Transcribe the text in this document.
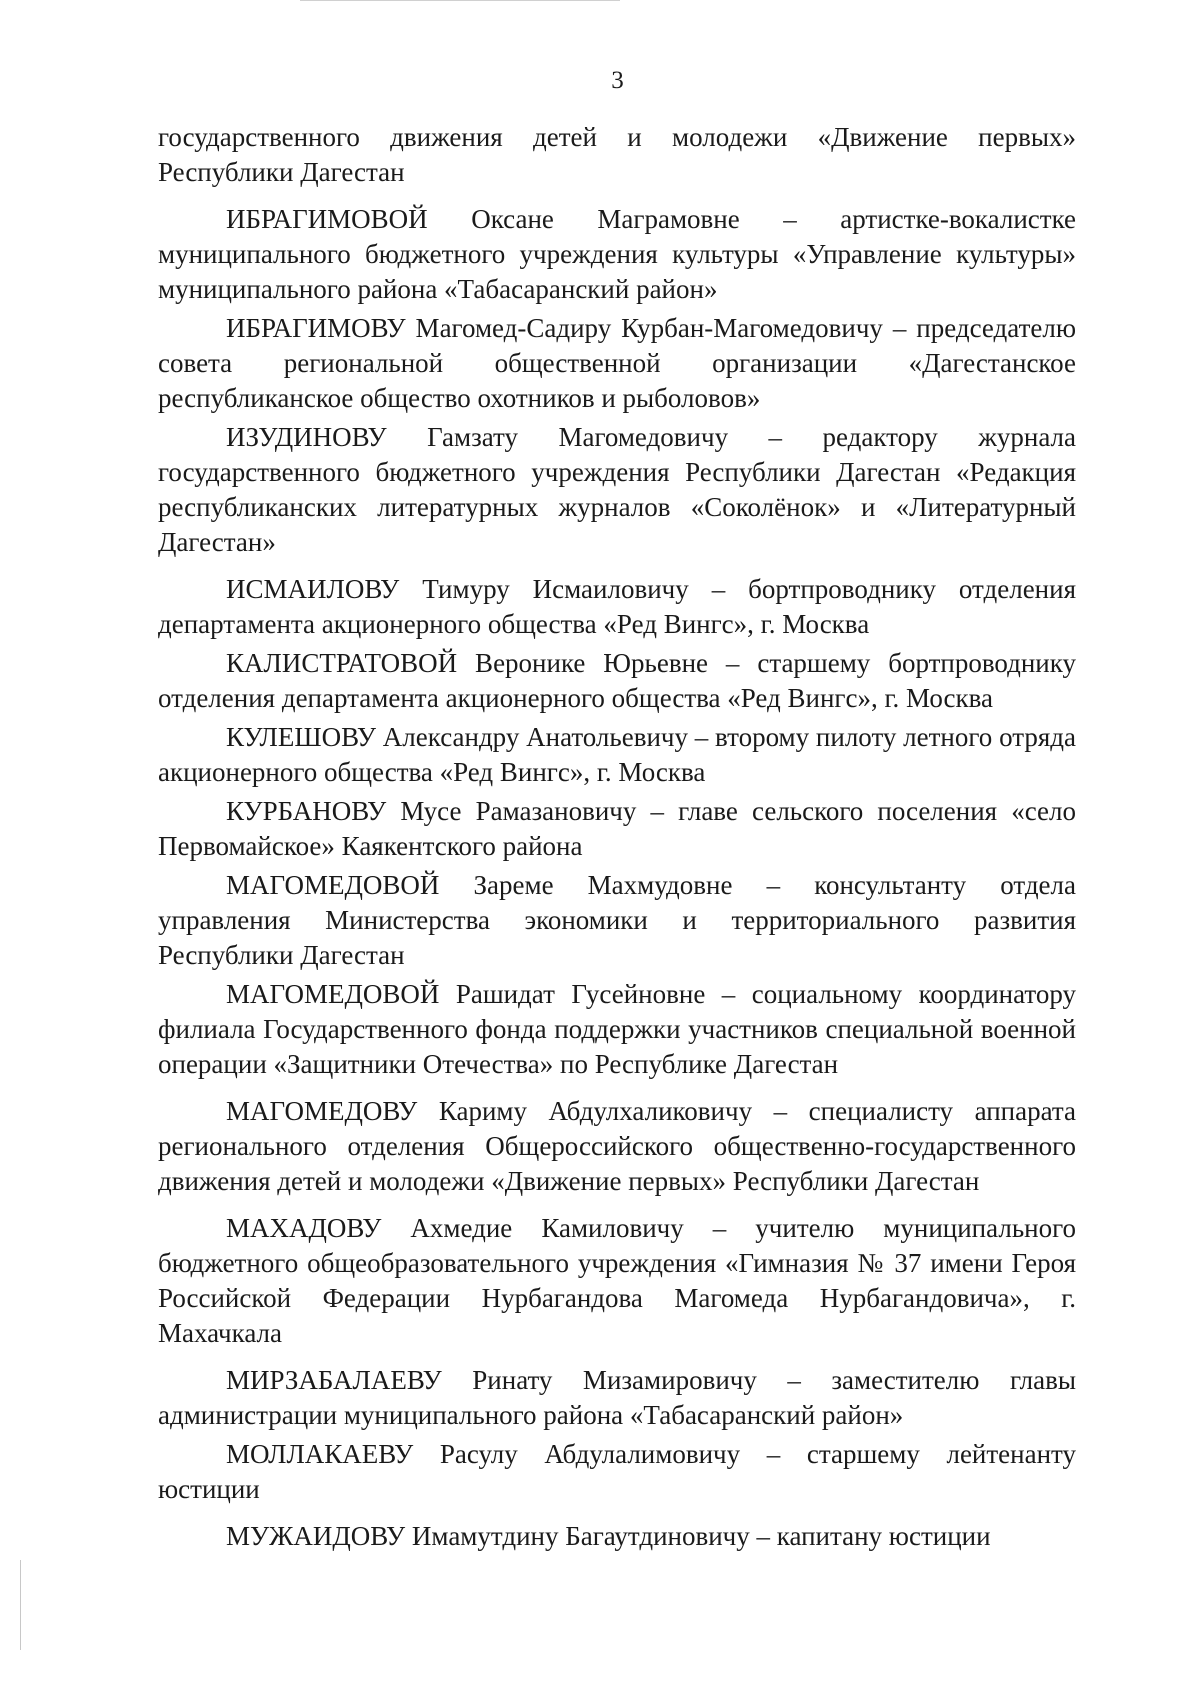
3

государственного движения детей и молодежи «Движение первых» Республики Дагестан

ИБРАГИМОВОЙ Оксане Маграмовне – артистке-вокалистке муниципального бюджетного учреждения культуры «Управление культуры» муниципального района «Табасаранский район»

ИБРАГИМОВУ Магомед-Садиру Курбан-Магомедовичу – председателю совета региональной общественной организации «Дагестанское республиканское общество охотников и рыболовов»

ИЗУДИНОВУ Гамзату Магомедовичу – редактору журнала государственного бюджетного учреждения Республики Дагестан «Редакция республиканских литературных журналов «Соколёнок» и «Литературный Дагестан»

ИСМАИЛОВУ Тимуру Исмаиловичу – бортпроводнику отделения департамента акционерного общества «Ред Вингс», г. Москва

КАЛИСТРАТОВОЙ Веронике Юрьевне – старшему бортпроводнику отделения департамента акционерного общества «Ред Вингс», г. Москва

КУЛЕШОВУ Александру Анатольевичу – второму пилоту летного отряда акционерного общества «Ред Вингс», г. Москва

КУРБАНОВУ Мусе Рамазановичу – главе сельского поселения «село Первомайское» Каякентского района

МАГОМЕДОВОЙ Зареме Махмудовне – консультанту отдела управления Министерства экономики и территориального развития Республики Дагестан

МАГОМЕДОВОЙ Рашидат Гусейновне – социальному координатору филиала Государственного фонда поддержки участников специальной военной операции «Защитники Отечества» по Республике Дагестан

МАГОМЕДОВУ Кариму Абдулхаликовичу – специалисту аппарата регионального отделения Общероссийского общественно-государственного движения детей и молодежи «Движение первых» Республики Дагестан

МАХАДОВУ Ахмедие Камиловичу – учителю муниципального бюджетного общеобразовательного учреждения «Гимназия № 37 имени Героя Российской Федерации Нурбагандова Магомеда Нурбагандовича», г. Махачкала

МИРЗАБАЛАЕВУ Ринату Мизамировичу – заместителю главы администрации муниципального района «Табасаранский район»

МОЛЛАКАЕВУ Расулу Абдулалимовичу – старшему лейтенанту юстиции

МУЖАИДОВУ Имамутдину Багаутдиновичу – капитану юстиции
